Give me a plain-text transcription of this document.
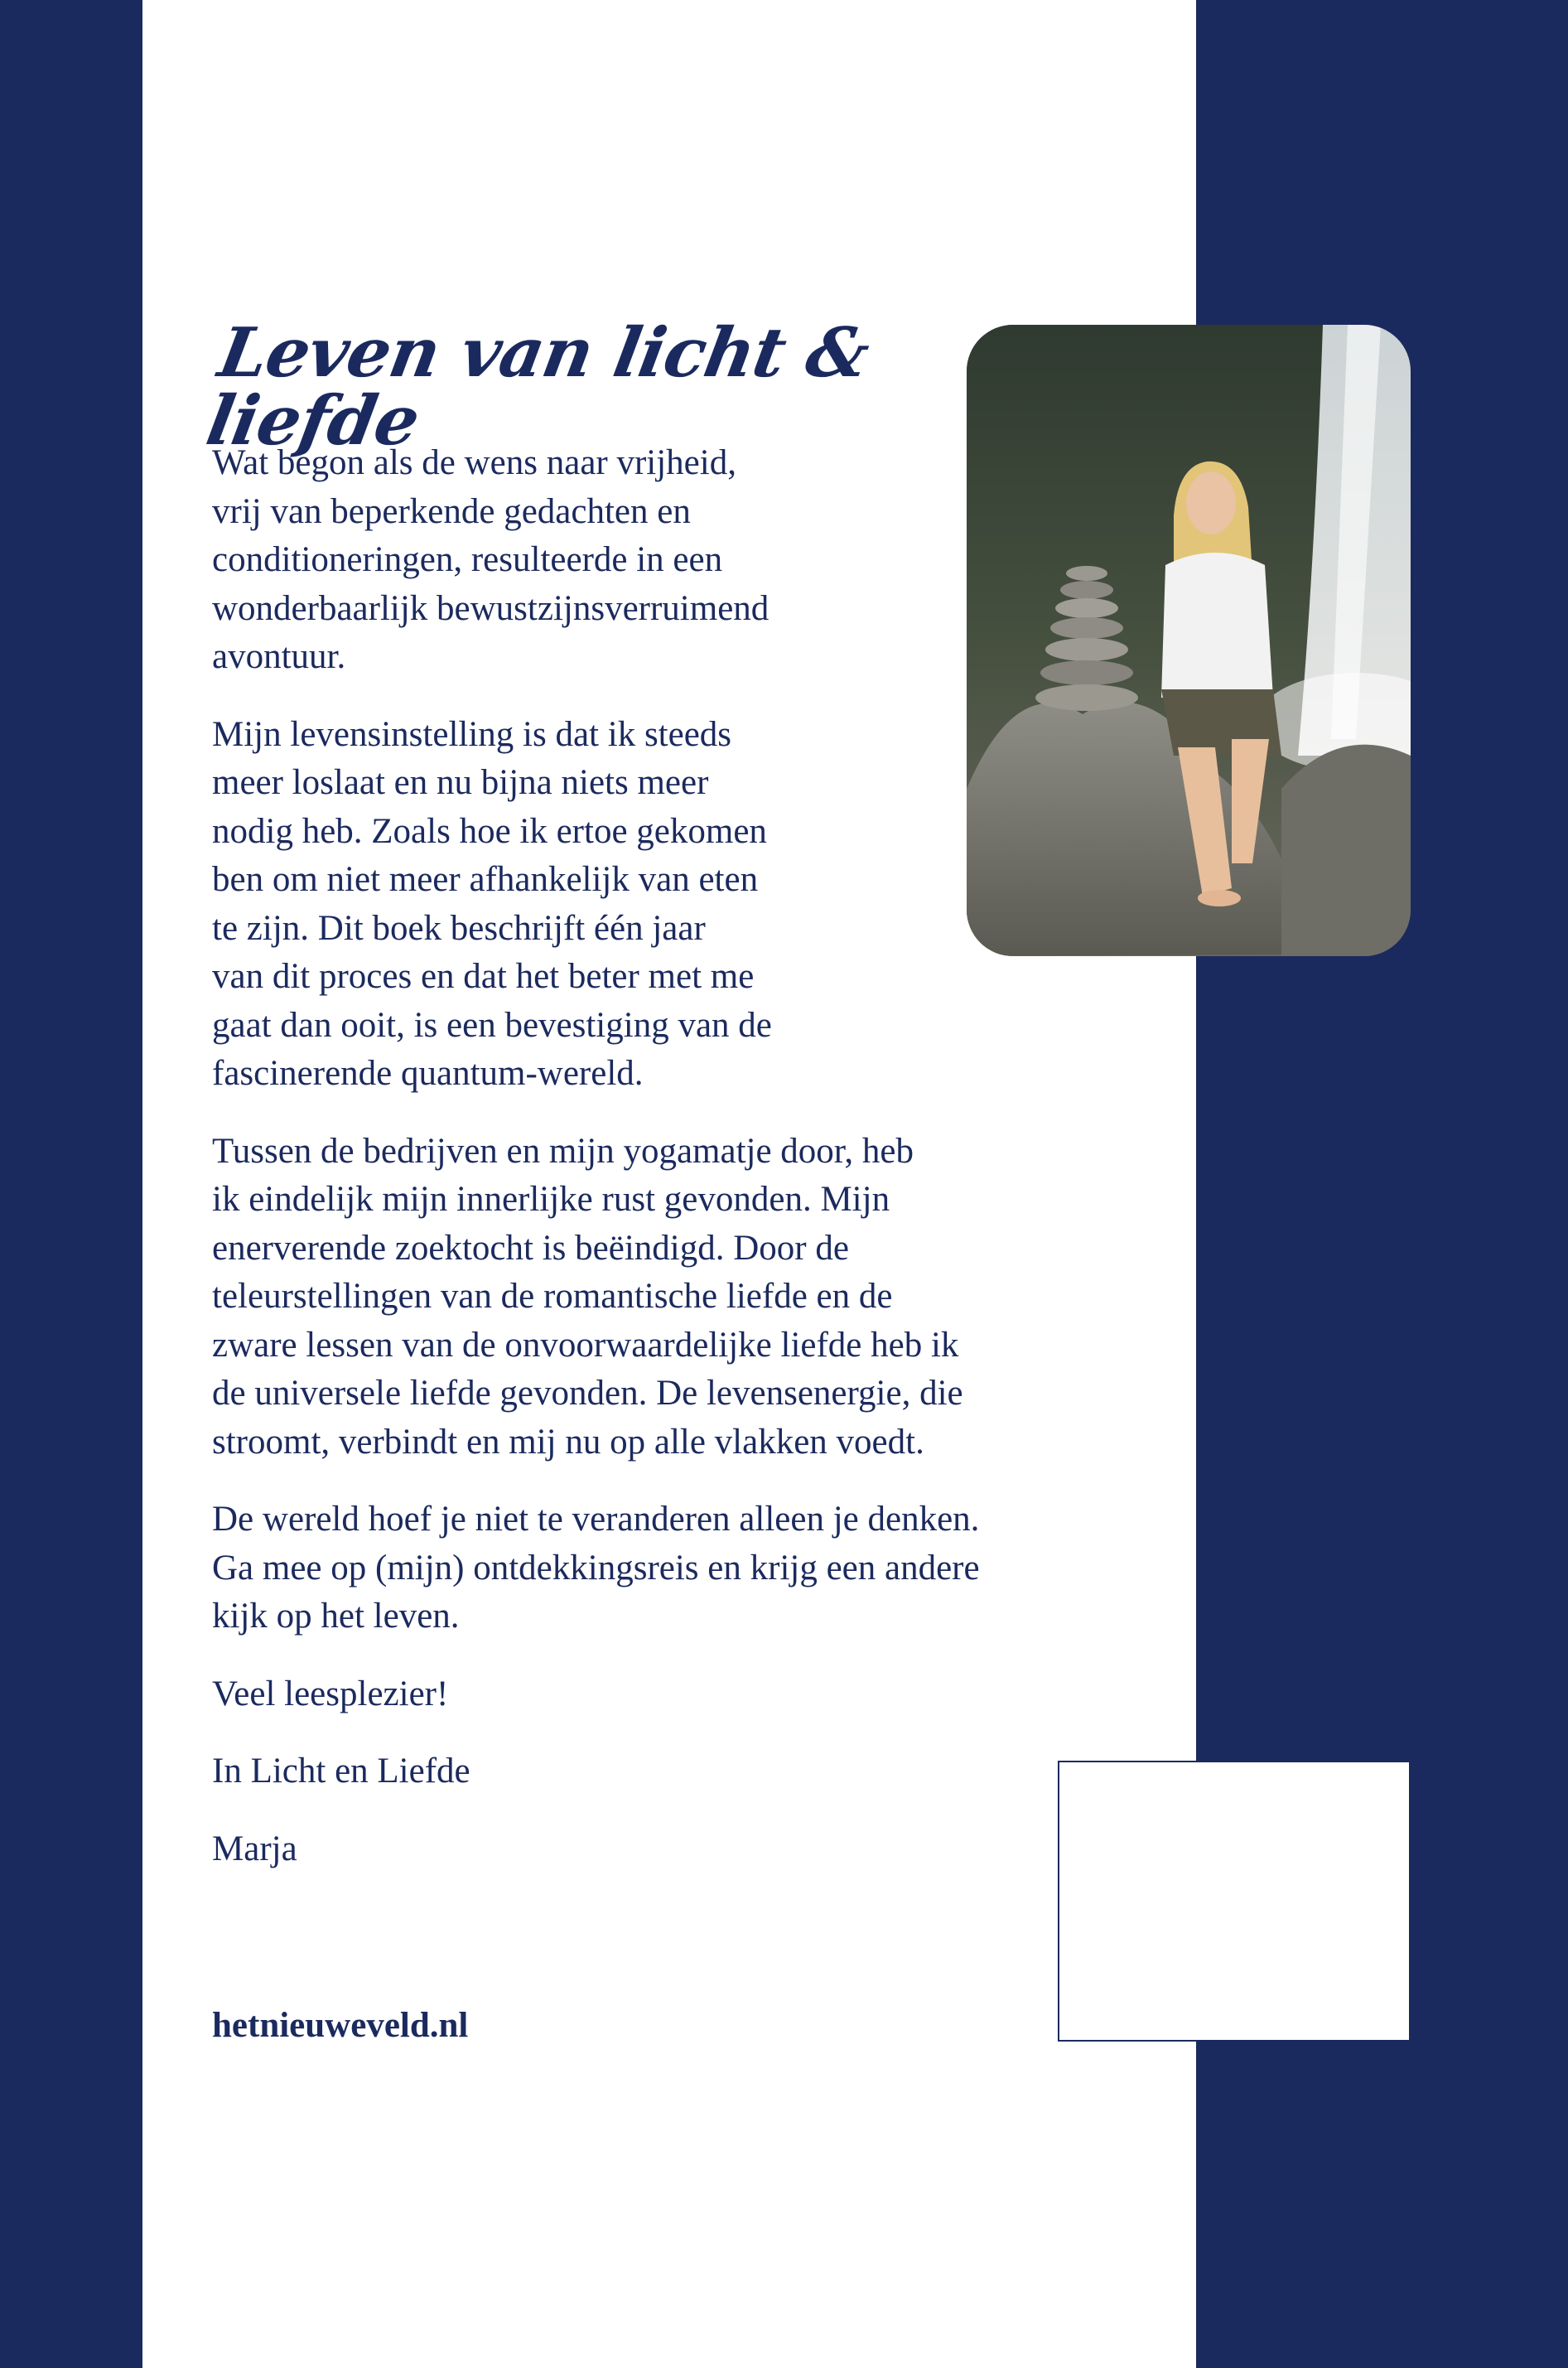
Leven van licht & liefde

Wat begon als de wens naar vrijheid,
vrij van beperkende gedachten en
conditioneringen, resulteerde in een
wonderbaarlijk bewustzijnsverruimend
avontuur.

Mijn levensinstelling is dat ik steeds
meer loslaat en nu bijna niets meer
nodig heb. Zoals hoe ik ertoe gekomen
ben om niet meer afhankelijk van eten
te zijn. Dit boek beschrijft één jaar
van dit proces en dat het beter met me
gaat dan ooit, is een bevestiging van de
fascinerende quantum-wereld.

Tussen de bedrijven en mijn yogamatje door, heb
ik eindelijk mijn innerlijke rust gevonden. Mijn
enerverende zoektocht is beëindigd. Door de
teleurstellingen van de romantische liefde en de
zware lessen van de onvoorwaardelijke liefde heb ik
de universele liefde gevonden. De levensenergie, die
stroomt, verbindt en mij nu op alle vlakken voedt.

De wereld hoef je niet te veranderen alleen je denken.
Ga mee op (mijn) ontdekkingsreis en krijg een andere
kijk op het leven.

Veel leesplezier!

In Licht en Liefde

Marja

hetnieuweveld.nl
